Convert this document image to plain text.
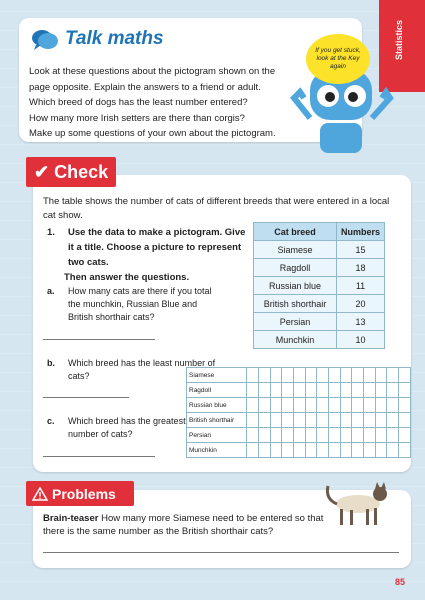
Statistics
Talk maths

Look at these questions about the pictogram shown on the

page opposite. Explain the answers to a friend or adult.

Which breed of dogs has the least number entered?

How many more Irish setters are there than corgis?

Make up some questions of your own about the pictogram.

If you get stuck, look at the Key again
The table shows the number of cats of different breeds that were entered in a local cat show.
1. Use the data to make a pictogram. Give it a title. Choose a picture to represent two cats.
Then answer the questions.
a. How many cats are there if you total the munchkin, Russian Blue and British shorthair cats?
b. Which breed has the least number of cats?
c. Which breed has the greatest number of cats?
Cat breed	Numbers
Siamese	15
Ragdoll	18
Russian blue	11
British shorthair	20
Persian	13
Munchkin	10
Siamese														
Ragdoll														
Russian blue														
British shorthair														
Persian														
Munchkin														
✔ Check
Brain-teaser How many more Siamese need to be entered so that there is the same number as the British shorthair cats?
Problems
85
